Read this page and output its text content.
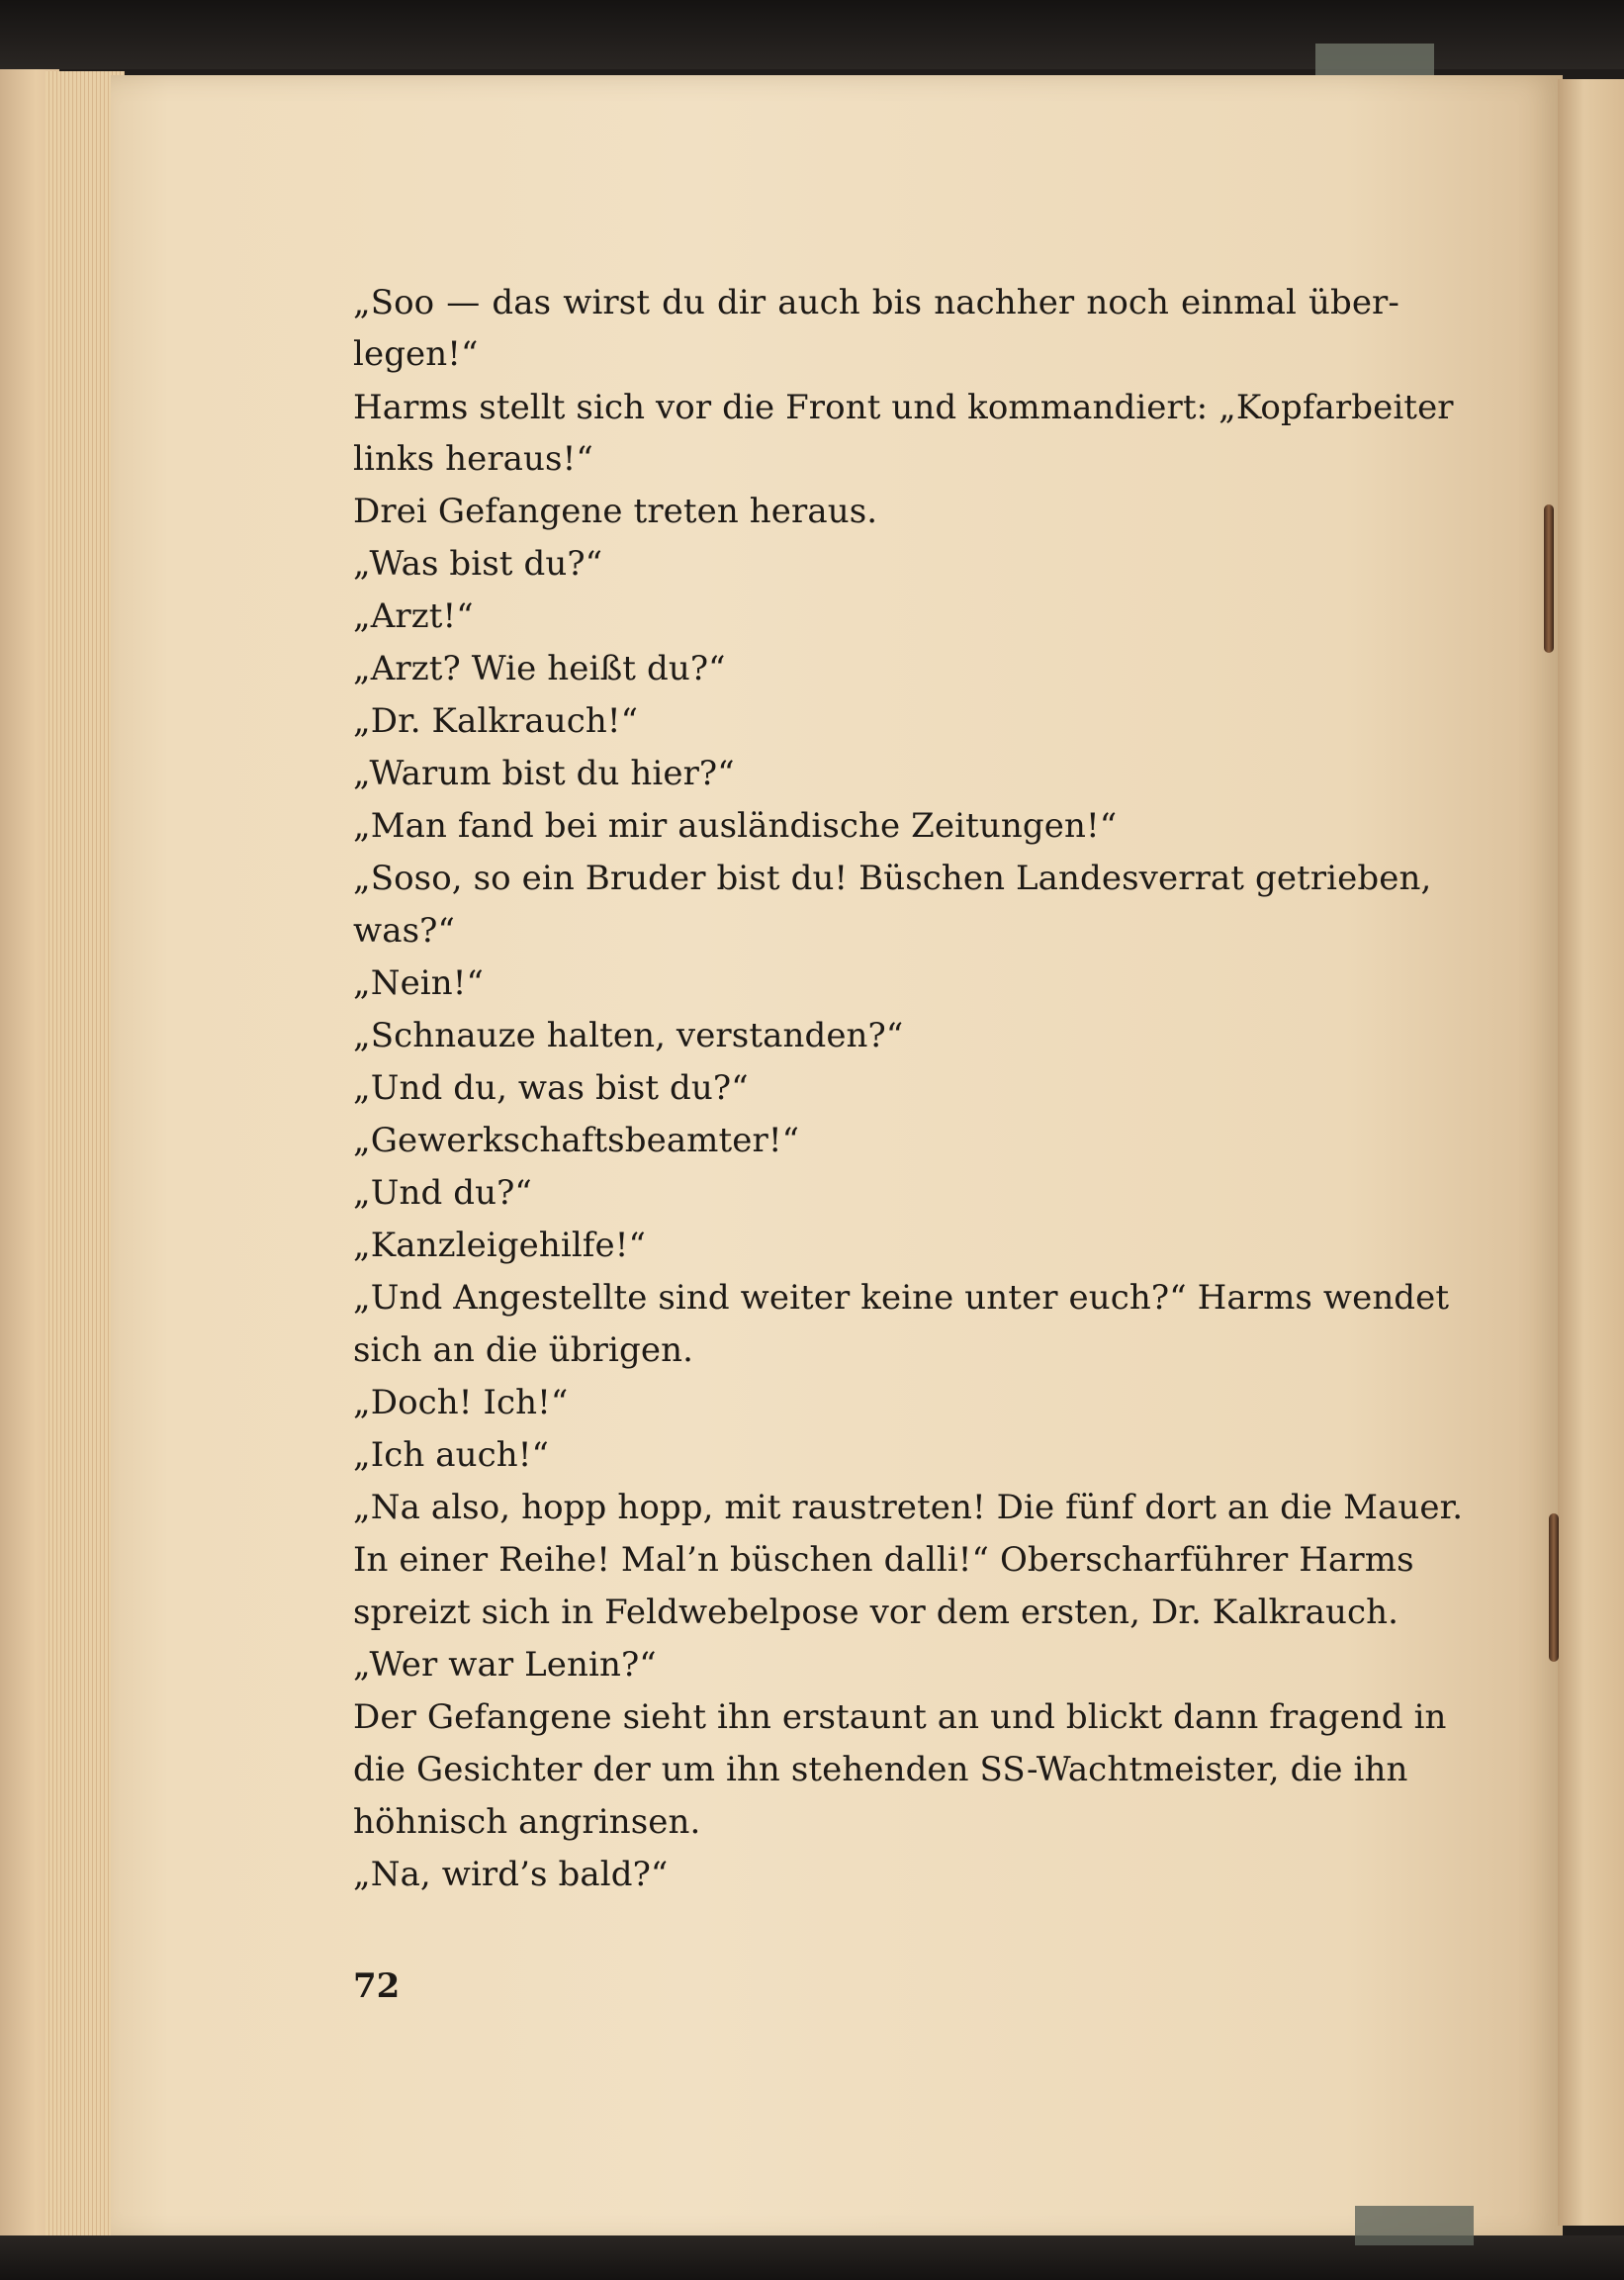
„Soo — das wirst du dir auch bis nachher noch einmal über-
legen!“
Harms stellt sich vor die Front und kommandiert: „Kopfarbeiter
links heraus!“
Drei Gefangene treten heraus.
„Was bist du?“
„Arzt!“
„Arzt? Wie heißt du?“
„Dr. Kalkrauch!“
„Warum bist du hier?“
„Man fand bei mir ausländische Zeitungen!“
„Soso, so ein Bruder bist du! Büschen Landesverrat getrieben,
was?“
„Nein!“
„Schnauze halten, verstanden?“
„Und du, was bist du?“
„Gewerkschaftsbeamter!“
„Und du?“
„Kanzleigehilfe!“
„Und Angestellte sind weiter keine unter euch?“ Harms wendet
sich an die übrigen.
„Doch! Ich!“
„Ich auch!“
„Na also, hopp hopp, mit raustreten! Die fünf dort an die Mauer.
In einer Reihe! Mal’n büschen dalli!“ Oberscharführer Harms
spreizt sich in Feldwebelpose vor dem ersten, Dr. Kalkrauch.
„Wer war Lenin?“
Der Gefangene sieht ihn erstaunt an und blickt dann fragend in
die Gesichter der um ihn stehenden SS-Wachtmeister, die ihn
höhnisch angrinsen.
„Na, wird’s bald?“
72
